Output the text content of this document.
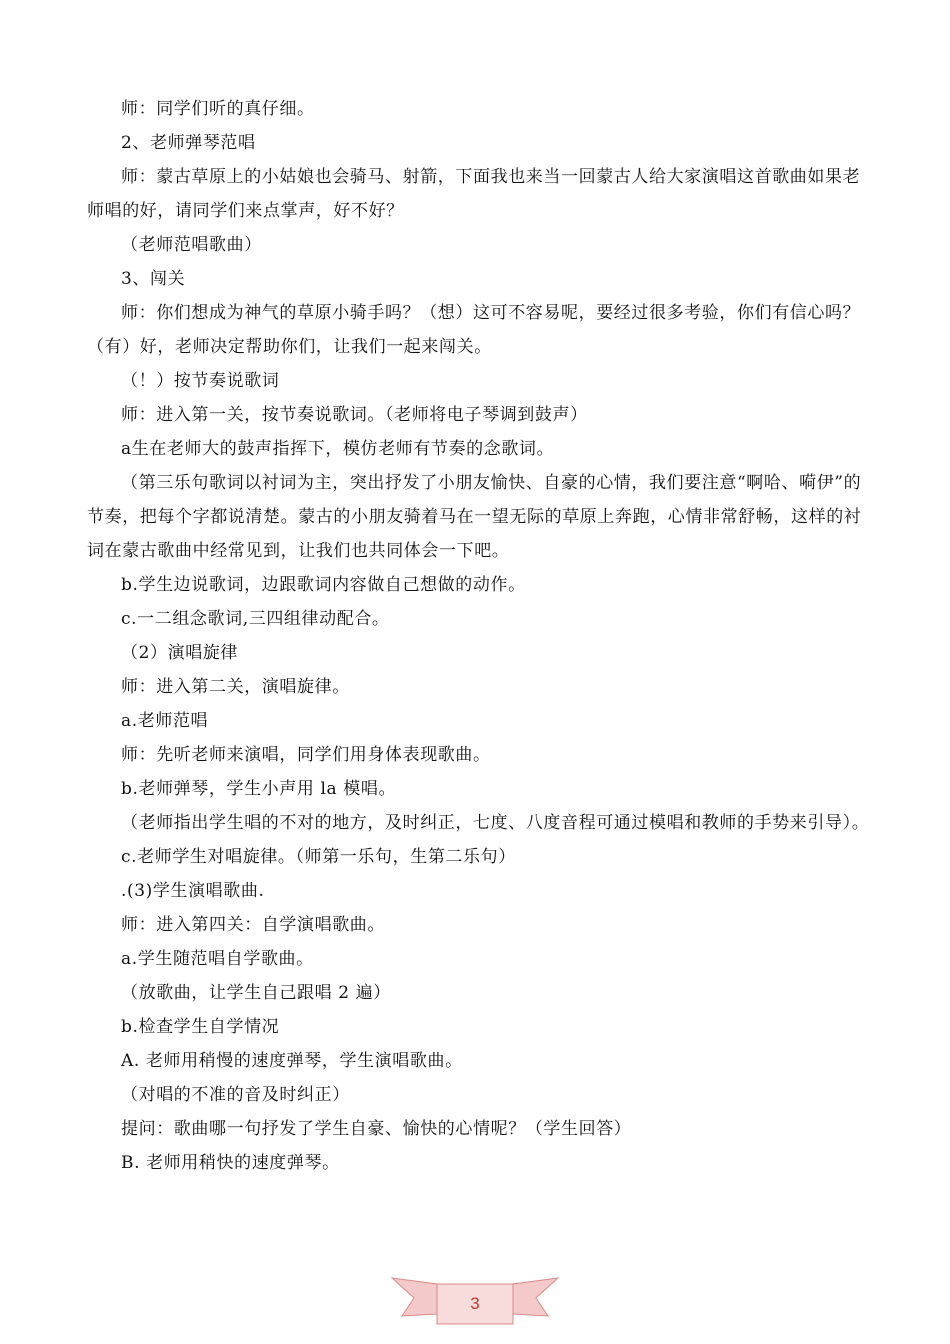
师：同学们听的真仔细。
2、老师弹琴范唱
师：蒙古草原上的小姑娘也会骑马、射箭，下面我也来当一回蒙古人给大家演唱这首歌曲如果老师唱的好，请同学们来点掌声，好不好？
（老师范唱歌曲）
3、闯关
师：你们想成为神气的草原小骑手吗？（想）这可不容易呢，要经过很多考验，你们有信心吗？（有）好，老师决定帮助你们，让我们一起来闯关。
（！）按节奏说歌词
师：进入第一关，按节奏说歌词。（老师将电子琴调到鼓声）
a生在老师大的鼓声指挥下，模仿老师有节奏的念歌词。
（第三乐句歌词以衬词为主，突出抒发了小朋友愉快、自豪的心情，我们要注意“啊哈、嗬伊”的节奏，把每个字都说清楚。蒙古的小朋友骑着马在一望无际的草原上奔跑，心情非常舒畅，这样的衬词在蒙古歌曲中经常见到，让我们也共同体会一下吧。
b.学生边说歌词，边跟歌词内容做自己想做的动作。
c.一二组念歌词,三四组律动配合。
（2）演唱旋律
师：进入第二关，演唱旋律。
a.老师范唱
师：先听老师来演唱，同学们用身体表现歌曲。
b.老师弹琴，学生小声用 la 模唱。
（老师指出学生唱的不对的地方，及时纠正，七度、八度音程可通过模唱和教师的手势来引导）。
c.老师学生对唱旋律。（师第一乐句，生第二乐句）
.(3)学生演唱歌曲.
师：进入第四关：自学演唱歌曲。
a.学生随范唱自学歌曲。
（放歌曲，让学生自己跟唱 2 遍）
b.检查学生自学情况
A. 老师用稍慢的速度弹琴，学生演唱歌曲。
（对唱的不准的音及时纠正）
提问：歌曲哪一句抒发了学生自豪、愉快的心情呢？（学生回答）
B. 老师用稍快的速度弹琴。
3
